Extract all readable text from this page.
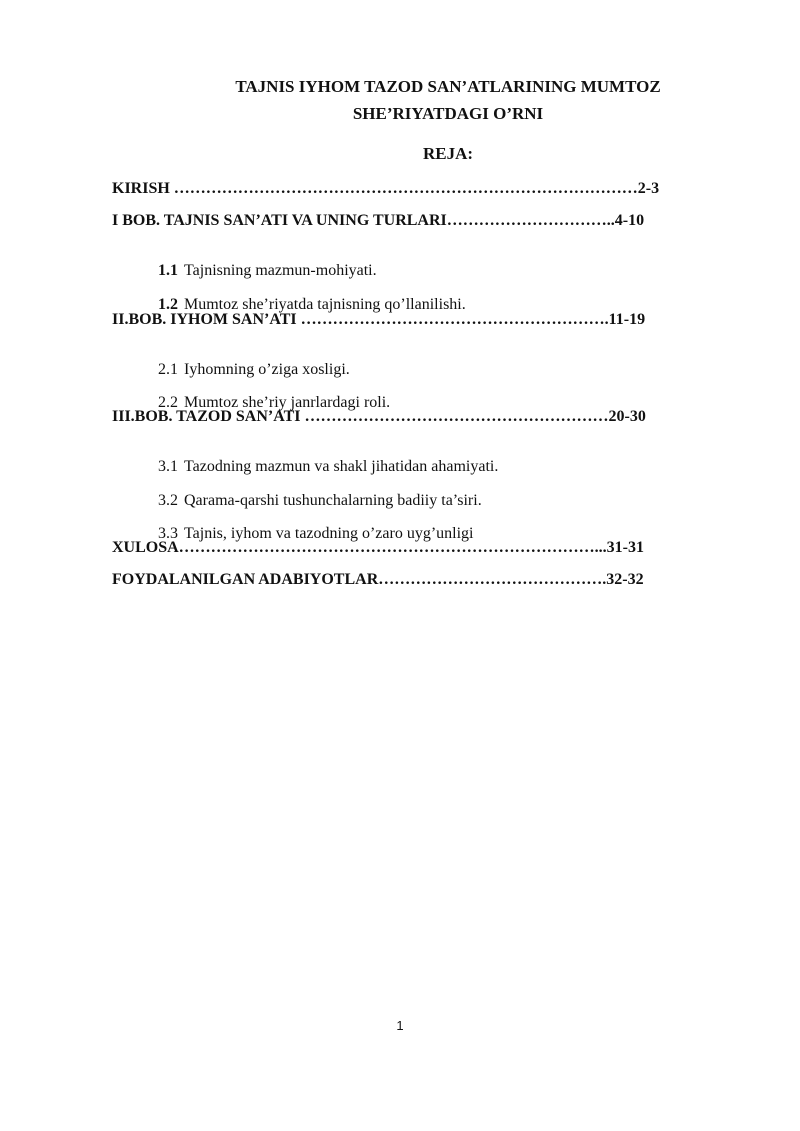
TAJNIS IYHOM TAZOD SAN’ATLARINING MUMTOZ
SHE’RIYATDAGI O’RNI
REJA:
KIRISH ……………………………………………………………………………2-3
I BOB. TAJNIS SAN’ATI VA UNING TURLARI…………………………..4-10

1.1 Tajnisning mazmun-mohiyati.

1.2 Mumtoz she’riyatda tajnisning qo’llanilishi.

II.BOB. IYHOM SAN’ATI ………………………………………………….11-19

2.1 Iyhomning o’ziga xosligi.

2.2 Mumtoz she’riy janrlardagi roli.

III.BOB. TAZOD SAN’ATI …………………………………………………20-30

3.1 Tazodning mazmun va shakl jihatidan ahamiyati.

3.2 Qarama-qarshi tushunchalarning badiiy ta’siri.

3.3 Tajnis, iyhom va tazodning o’zaro uyg’unligi

XULOSA……………………………………………………………………...31-31
FOYDALANILGAN ADABIYOTLAR…………………………………….32-32
1
